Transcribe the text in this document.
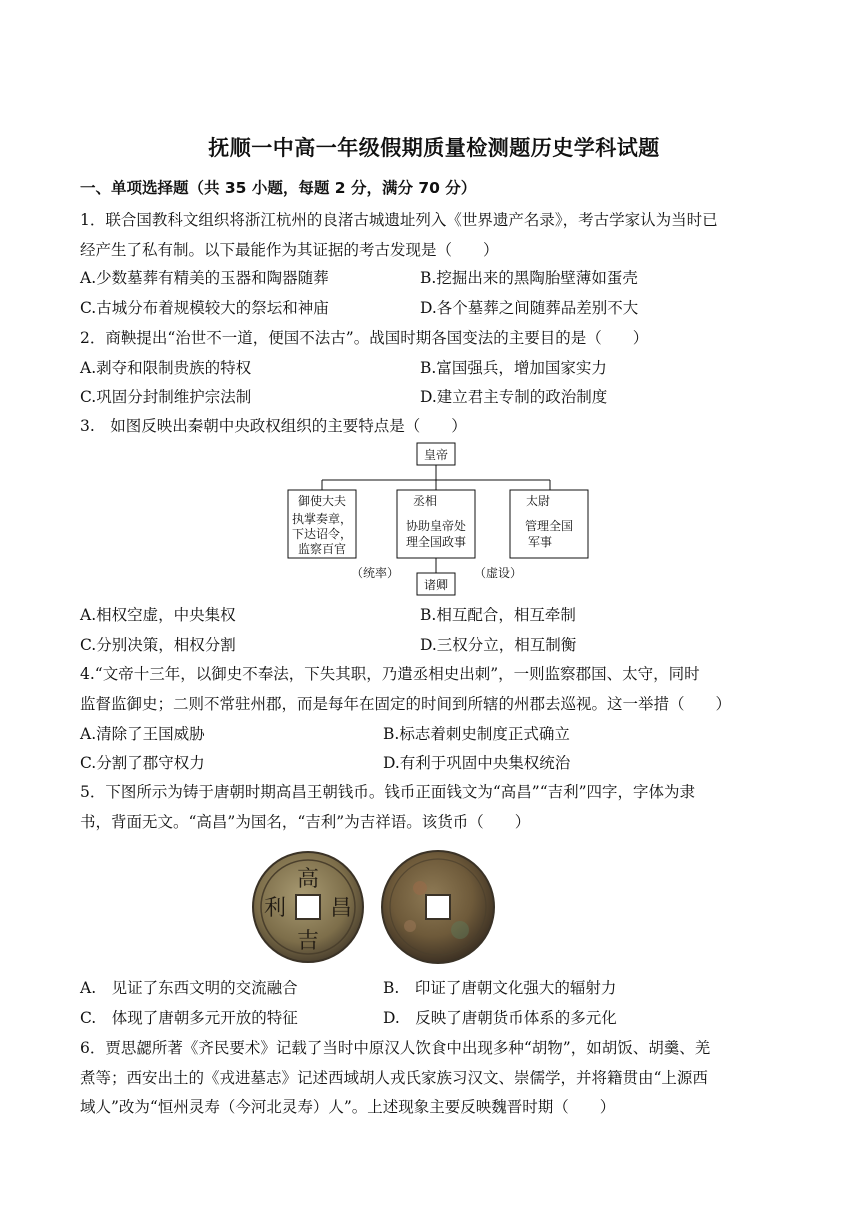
抚顺一中高一年级假期质量检测题历史学科试题
一、单项选择题（共 35 小题，每题 2 分，满分 70 分）
1．联合国教科文组织将浙江杭州的良渚古城遗址列入《世界遗产名录》，考古学家认为当时已
经产生了私有制。以下最能作为其证据的考古发现是（　　）
A.少数墓葬有精美的玉器和陶器随葬	B.挖掘出来的黑陶胎壁薄如蛋壳
C.古城分布着规模较大的祭坛和神庙	D.各个墓葬之间随葬品差别不大
2．商鞅提出“治世不一道，便国不法古”。战国时期各国变法的主要目的是（　　）
A.剥夺和限制贵族的特权	B.富国强兵，增加国家实力
C.巩固分封制维护宗法制	D.建立君主专制的政治制度
3.　如图反映出秦朝中央政权组织的主要特点是（　　）
皇帝
御使大夫
执掌奏章，
下达诏令，
监察百官
丞相
协助皇帝处
理全国政事
太尉
管理全国
军事
诸卿
（统率）	（虚设）
A.相权空虚，中央集权	B.相互配合，相互牵制
C.分别决策，相权分割	D.三权分立，相互制衡
4.“文帝十三年，以御史不奉法，下失其职，乃遣丞相史出刺”，一则监察郡国、太守，同时
监督监御史；二则不常驻州郡，而是每年在固定的时间到所辖的州郡去巡视。这一举措（　　）
A.清除了王国威胁	B.标志着刺史制度正式确立
C.分割了郡守权力	D.有利于巩固中央集权统治
5．下图所示为铸于唐朝时期高昌王朝钱币。钱币正面钱文为“高昌”“吉利”四字，字体为隶
书，背面无文。“高昌”为国名，“吉利”为吉祥语。该货币（　　）
高
昌
吉
利
A.　见证了东西文明的交流融合	B.　印证了唐朝文化强大的辐射力
C.　体现了唐朝多元开放的特征	D.　反映了唐朝货币体系的多元化
6．贾思勰所著《齐民要术》记载了当时中原汉人饮食中出现多种“胡物”，如胡饭、胡羹、羌
煮等；西安出土的《戎进墓志》记述西域胡人戎氏家族习汉文、崇儒学，并将籍贯由“上源西
域人”改为“恒州灵寿（今河北灵寿）人”。上述现象主要反映魏晋时期（　　）
